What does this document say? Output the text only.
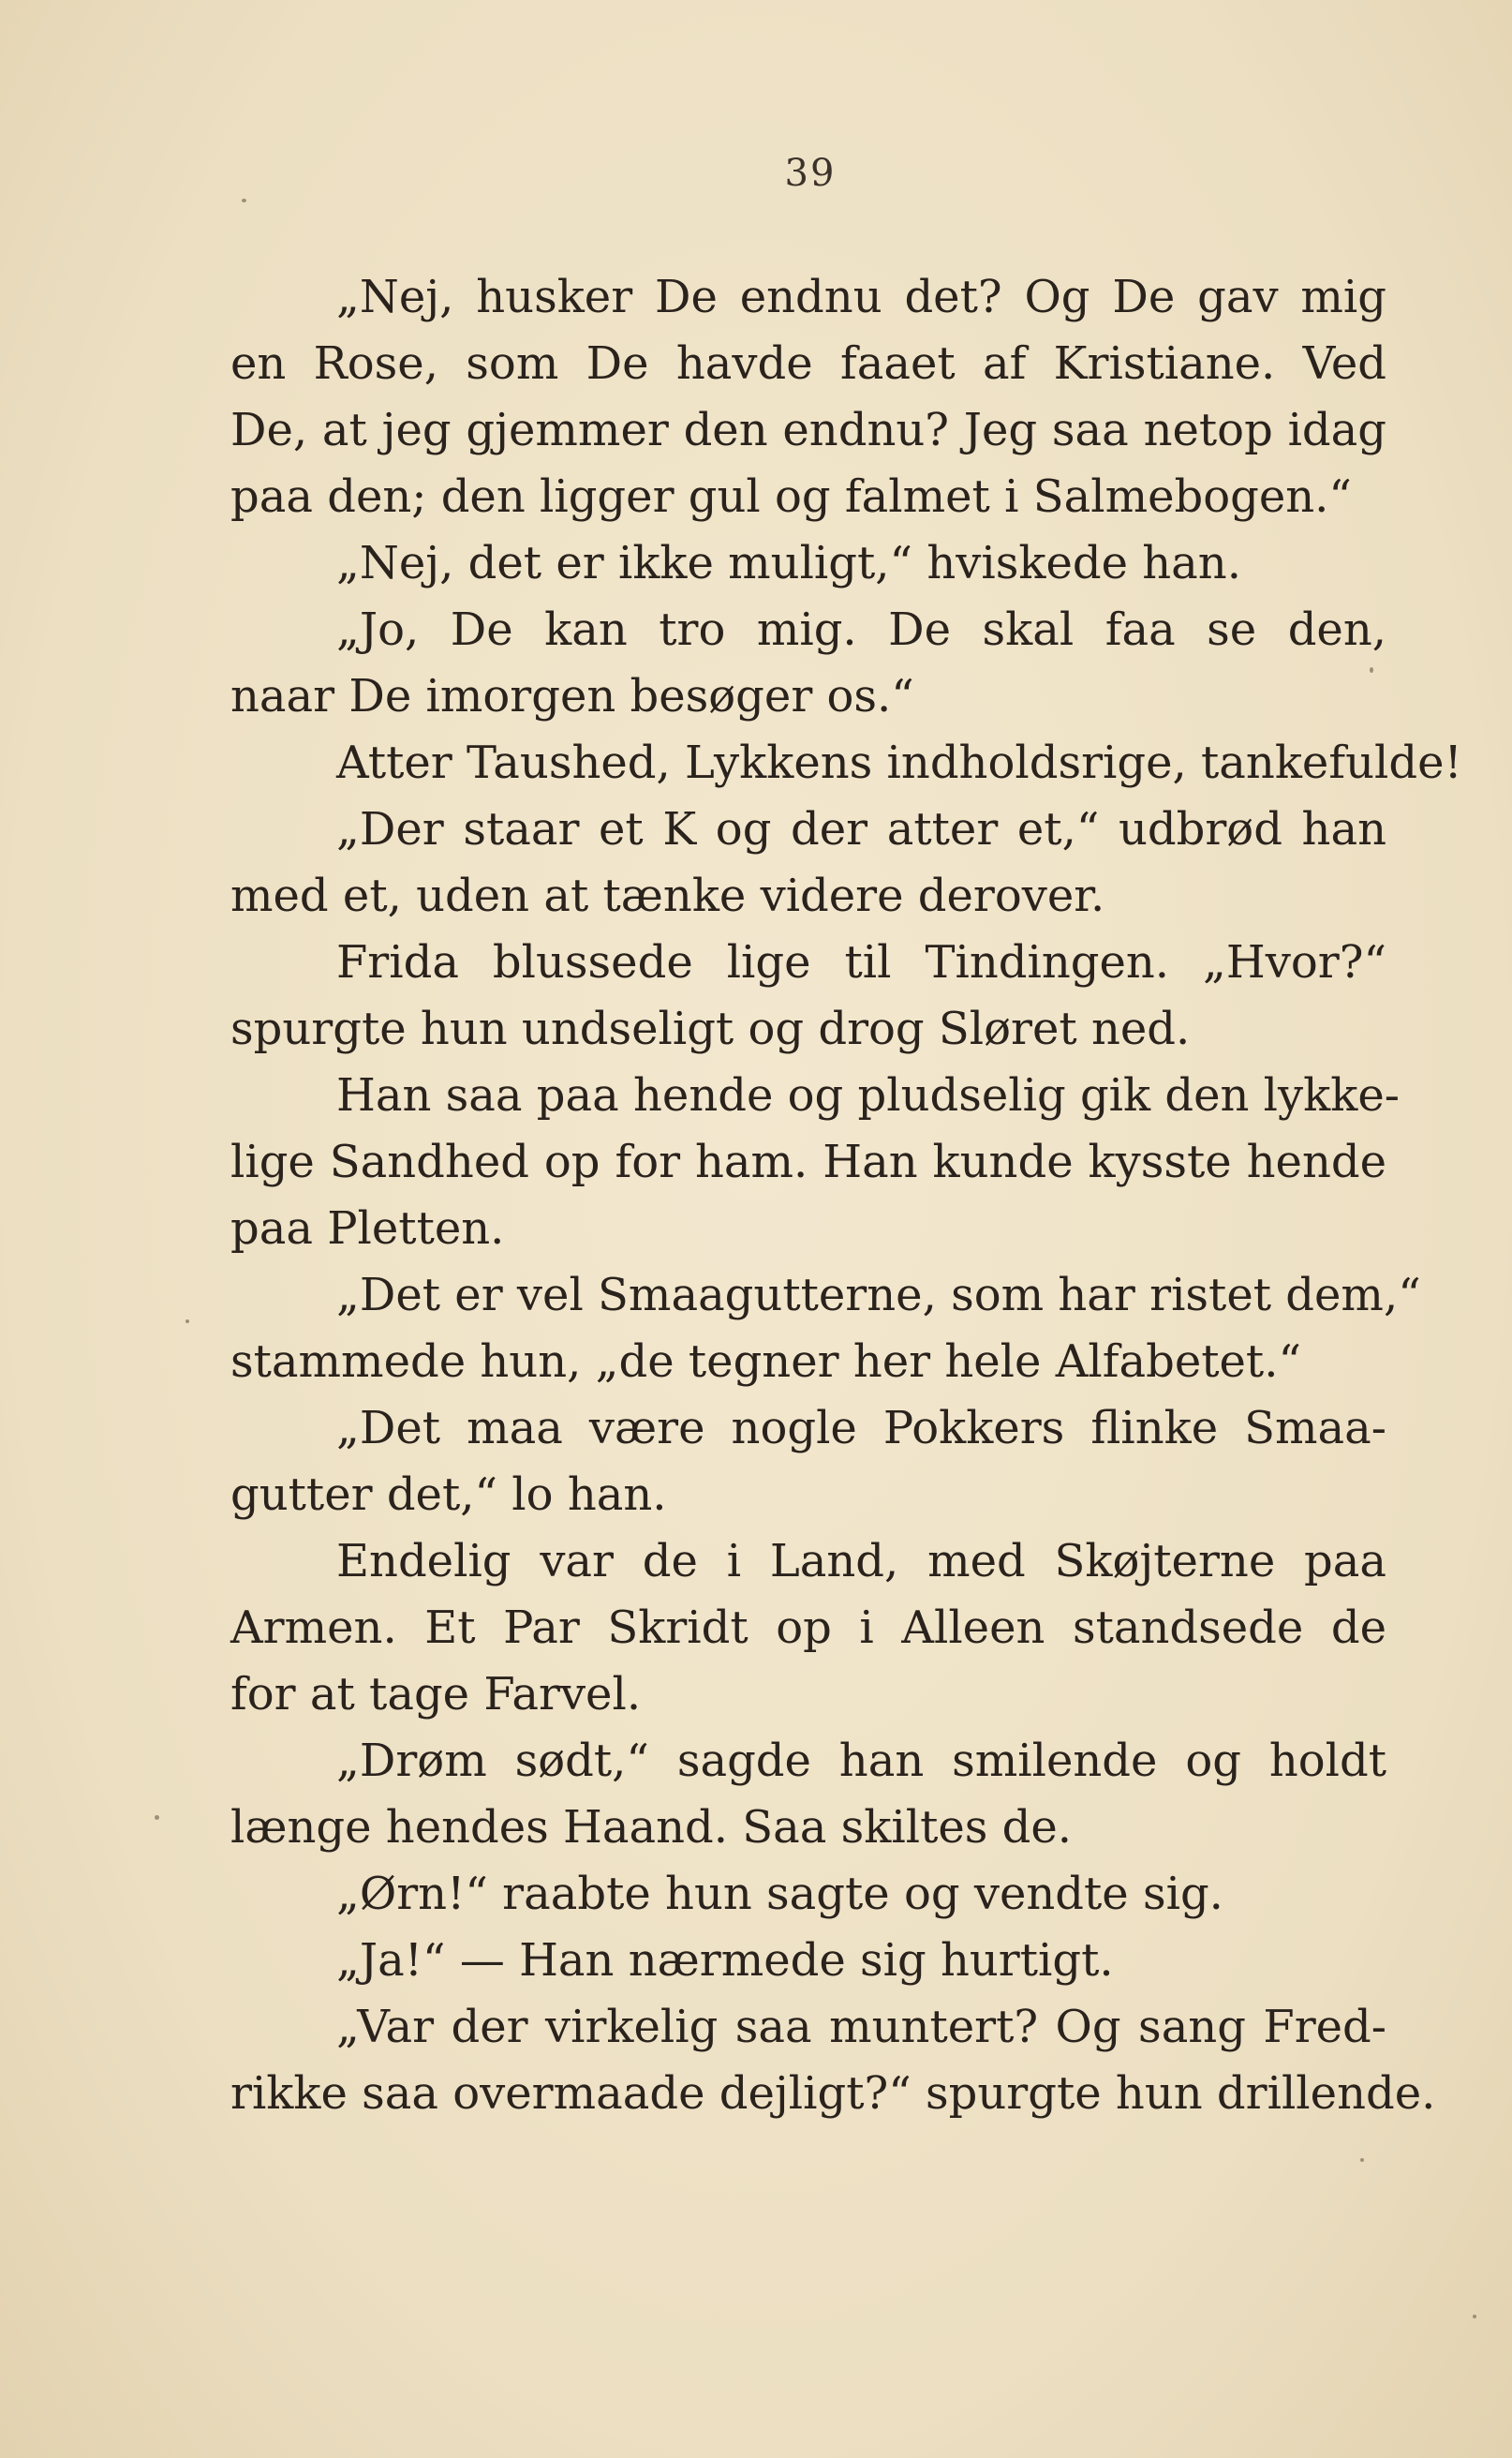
39
„Nej, husker De endnu det? Og De gav mig
en Rose, som De havde faaet af Kristiane. Ved
De, at jeg gjemmer den endnu? Jeg saa netop idag
paa den; den ligger gul og falmet i Salmebogen.“
„Nej, det er ikke muligt,“ hviskede han.
„Jo, De kan tro mig. De skal faa se den,
naar De imorgen besøger os.“
Atter Taushed, Lykkens indholdsrige, tankefulde!
„Der staar et K og der atter et,“ udbrød han
med et, uden at tænke videre derover.
Frida blussede lige til Tindingen. „Hvor?“
spurgte hun undseligt og drog Sløret ned.
Han saa paa hende og pludselig gik den lykke-
lige Sandhed op for ham. Han kunde kysste hende
paa Pletten.
„Det er vel Smaagutterne, som har ristet dem,“
stammede hun, „de tegner her hele Alfabetet.“
„Det maa være nogle Pokkers flinke Smaa-
gutter det,“ lo han.
Endelig var de i Land, med Skøjterne paa
Armen. Et Par Skridt op i Alleen standsede de
for at tage Farvel.
„Drøm sødt,“ sagde han smilende og holdt
længe hendes Haand. Saa skiltes de.
„Ørn!“ raabte hun sagte og vendte sig.
„Ja!“ — Han nærmede sig hurtigt.
„Var der virkelig saa muntert? Og sang Fred-
rikke saa overmaade dejligt?“ spurgte hun drillende.
